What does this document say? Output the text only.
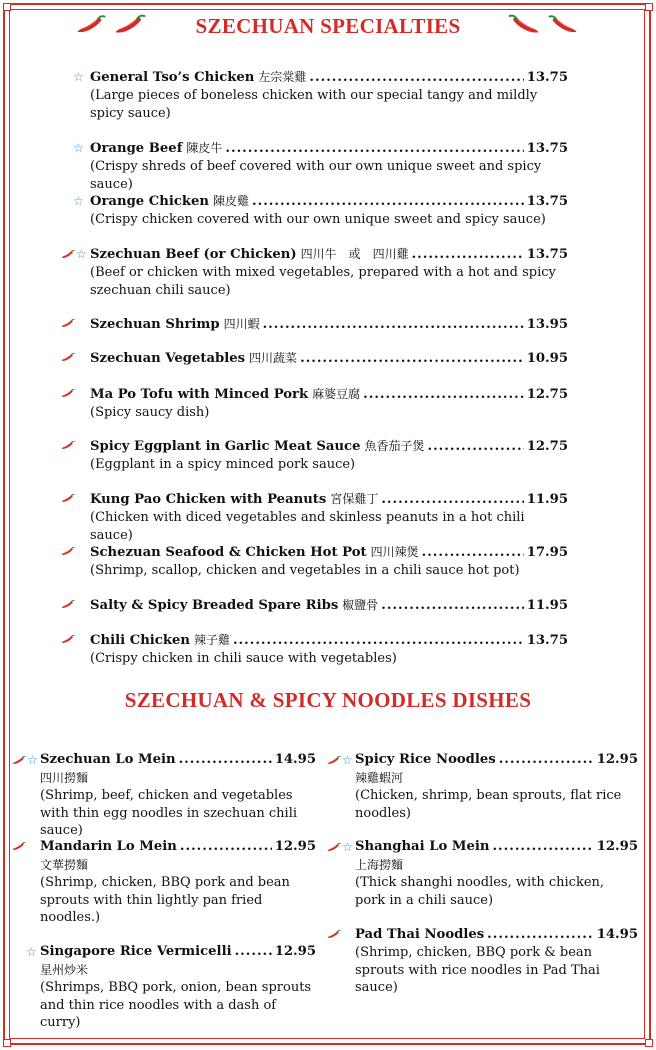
SZECHUAN SPECIALTIES
SZECHUAN & SPICY NOODLES DISHES
General Tso’s Chicken 左宗棠雞 .....	13.75
(Large pieces of boneless chicken with our special tangy and mildly spicy sauce)
☆
Orange Beef 陳皮牛 .....	13.75
(Crispy shreds of beef covered with our own unique sweet and spicy sauce)
☆
Orange Chicken 陳皮雞 .....	13.75
(Crispy chicken covered with our own unique sweet and spicy sauce)
☆
Szechuan Beef (or Chicken) 四川牛　或　四川雞 .....	13.75
(Beef or chicken with mixed vegetables, prepared with a hot and spicy szechuan chili sauce)
☆
Szechuan Shrimp 四川蝦 .....	13.95
Szechuan Vegetables 四川蔬菜 .....	10.95
Ma Po Tofu with Minced Pork 麻婆豆腐 .....	12.75
(Spicy saucy dish)
Spicy Eggplant in Garlic Meat Sauce 魚香茄子煲 .....	12.75
(Eggplant in a spicy minced pork sauce)
Kung Pao Chicken with Peanuts 宮保雞丁 .....	11.95
(Chicken with diced vegetables and skinless peanuts in a hot chili sauce)
Schezuan Seafood & Chicken Hot Pot 四川辣煲 .....	17.95
(Shrimp, scallop, chicken and vegetables in a chili sauce hot pot)
Salty & Spicy Breaded Spare Ribs 椒鹽骨 .....	11.95
Chili Chicken 辣子雞 .....	13.75
(Crispy chicken in chili sauce with vegetables)
Szechuan Lo Mein .....	14.95
四川撈麵
(Shrimp, beef, chicken and vegetables with thin egg noodles in szechuan chili sauce)
☆
Mandarin Lo Mein .....	12.95
文華撈麵
(Shrimp, chicken, BBQ pork and bean sprouts with thin lightly pan fried noodles.)
Singapore Rice Vermicelli .....	12.95
星州炒米
(Shrimps, BBQ pork, onion, bean sprouts and thin rice noodles with a dash of curry)
☆
Spicy Rice Noodles .....	12.95
辣雞蝦河
(Chicken, shrimp, bean sprouts, flat rice noodles)
☆
Shanghai Lo Mein .....	12.95
上海撈麵
(Thick shanghi noodles, with chicken, pork in a chili sauce)
☆
Pad Thai Noodles .....	14.95
(Shrimp, chicken, BBQ pork & bean sprouts with rice noodles in Pad Thai sauce)
